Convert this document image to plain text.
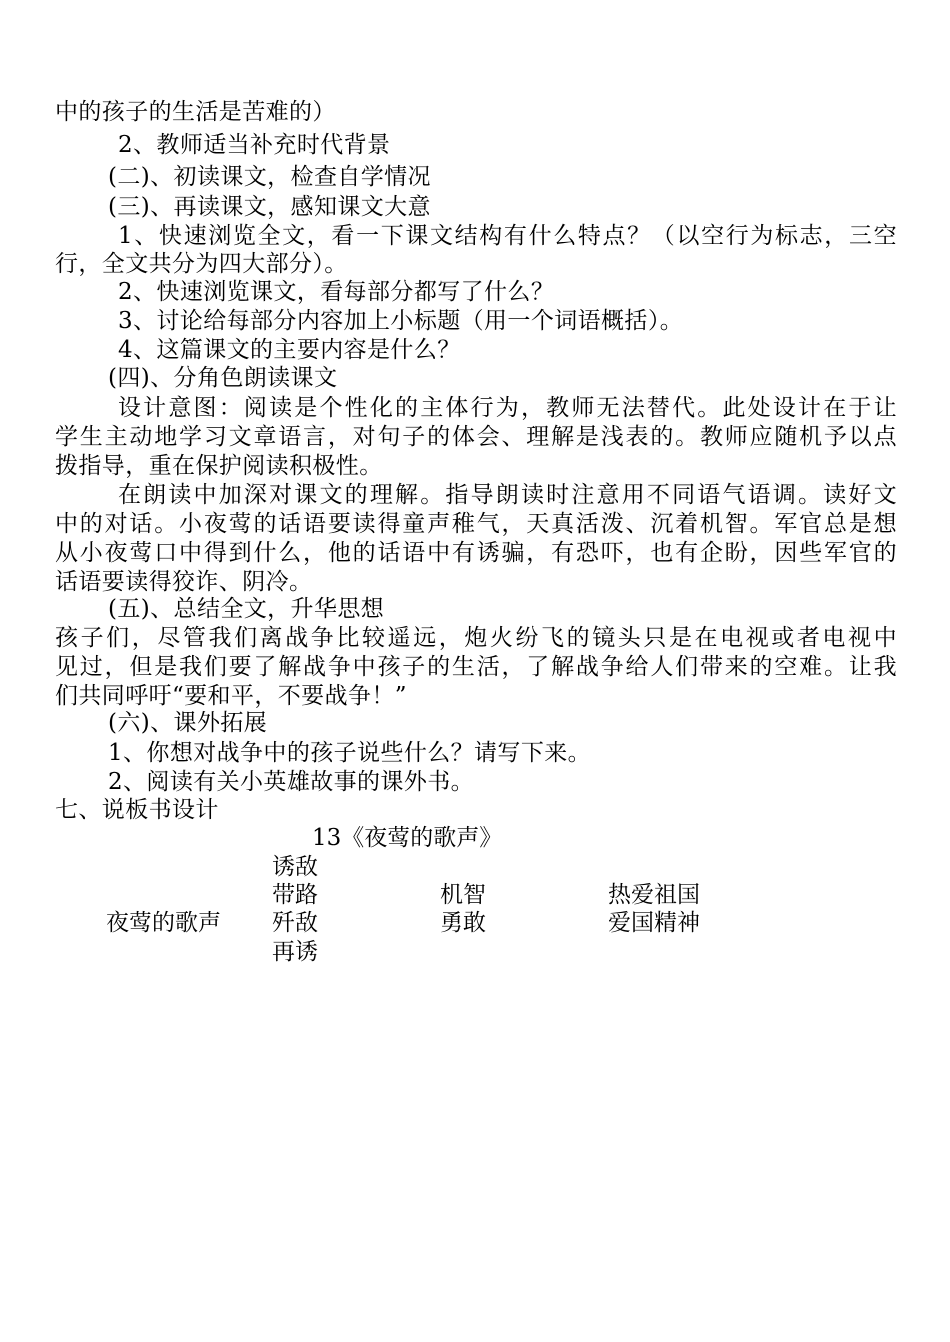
中的孩子的生活是苦难的）
2、教师适当补充时代背景
(二)、初读课文，检查自学情况
(三)、再读课文，感知课文大意
1、快速浏览全文，看一下课文结构有什么特点？（以空行为标志，三空
行，全文共分为四大部分）。
2、快速浏览课文，看每部分都写了什么？
3、讨论给每部分内容加上小标题（用一个词语概括）。
4、这篇课文的主要内容是什么？
(四)、分角色朗读课文
设计意图：阅读是个性化的主体行为，教师无法替代。此处设计在于让
学生主动地学习文章语言，对句子的体会、理解是浅表的。教师应随机予以点
拨指导，重在保护阅读积极性。
在朗读中加深对课文的理解。指导朗读时注意用不同语气语调。读好文
中的对话。小夜莺的话语要读得童声稚气，天真活泼、沉着机智。军官总是想
从小夜莺口中得到什么，他的话语中有诱骗，有恐吓，也有企盼，因些军官的
话语要读得狡诈、阴冷。
(五)、总结全文，升华思想
孩子们，尽管我们离战争比较遥远，炮火纷飞的镜头只是在电视或者电视中
见过，但是我们要了解战争中孩子的生活，了解战争给人们带来的空难。让我
们共同呼吁“要和平，不要战争！”
(六)、课外拓展
1、你想对战争中的孩子说些什么？请写下来。
2、阅读有关小英雄故事的课外书。
七、说板书设计
13《夜莺的歌声》
夜莺的歌声
诱敌
带路
歼敌
再诱
机智
勇敢
热爱祖国
爱国精神
